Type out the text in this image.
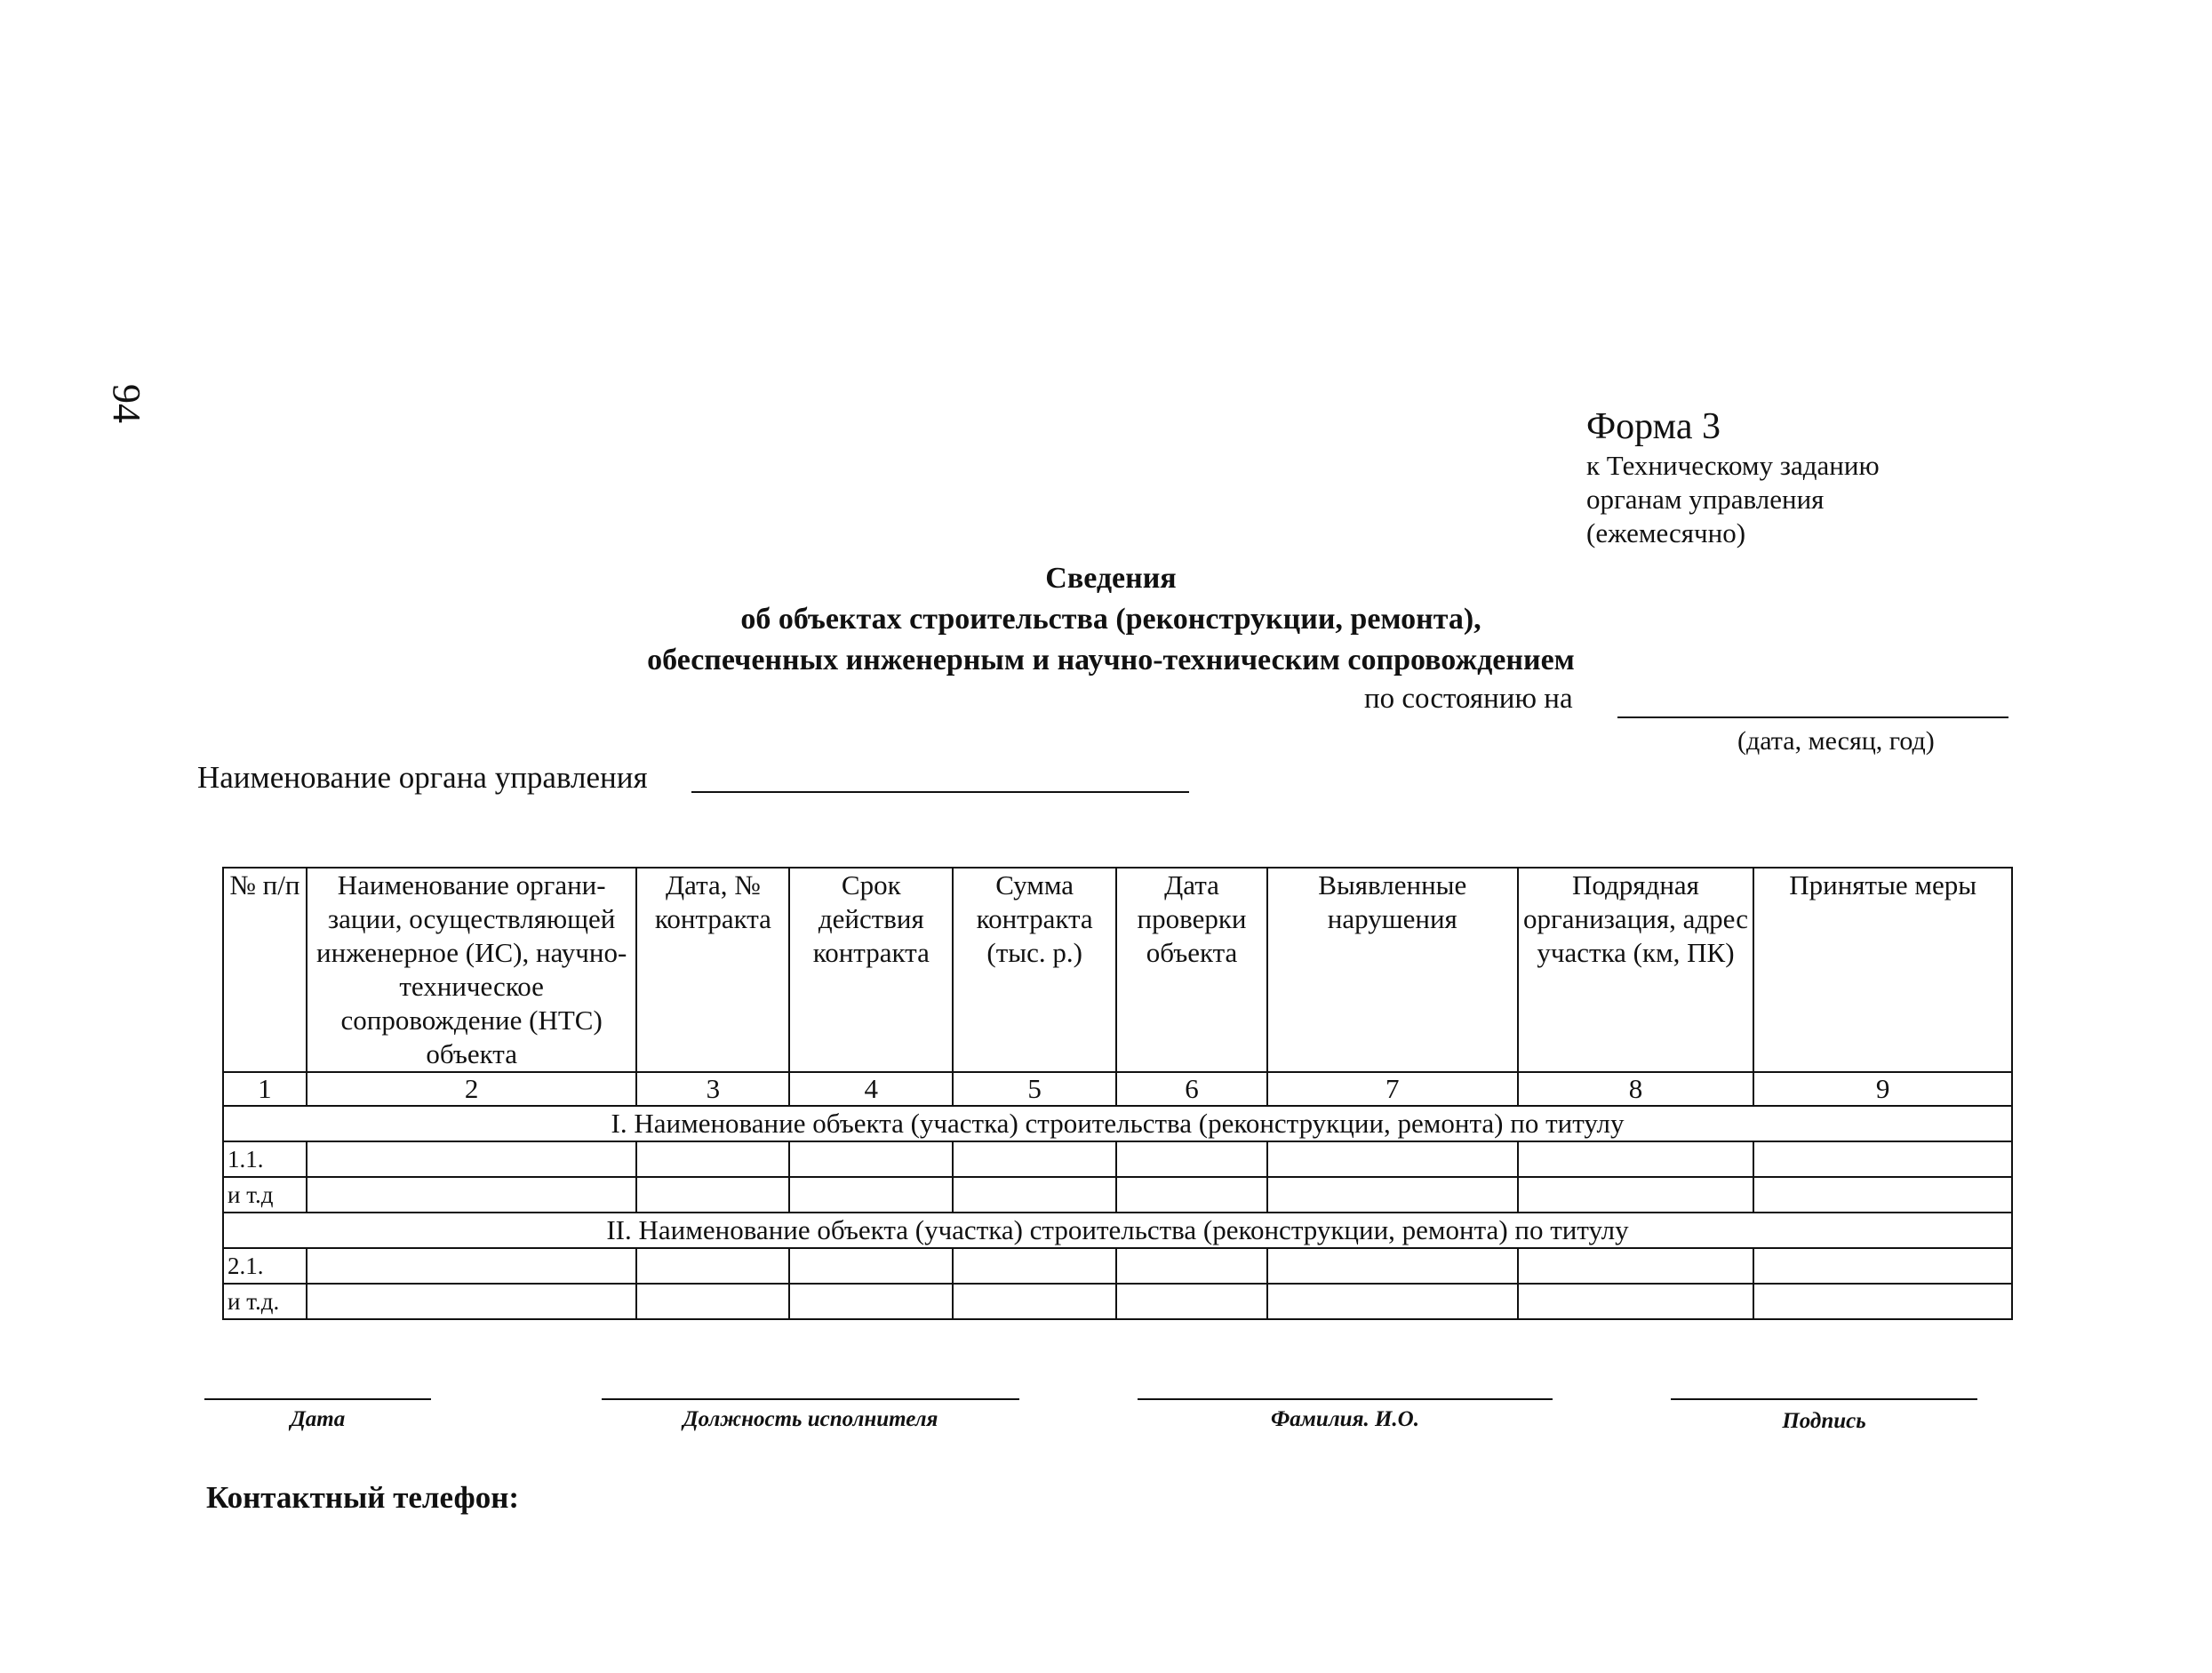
94
Форма 3
к Техническому заданию
органам управления
(ежемесячно)
Сведения
об объектах строительства (реконструкции, ремонта),
обеспеченных инженерным и научно-техническим сопровождением
по состоянию на
(дата, месяц, год)
Наименование органа управления
№ п/п	Наименование органи-зации, осуществляющей инженерное (ИС), научно-техническое сопровождение (НТС) объекта	Дата, № контракта	Срок действия контракта	Сумма контракта (тыс. р.)	Дата проверки объекта	Выявленные нарушения	Подрядная организация, адрес участка (км, ПК)	Принятые меры
1	2	3	4	5	6	7	8	9
I. Наименование объекта (участка) строительства (реконструкции, ремонта) по титулу								
1.1.								
и т.д								
II. Наименование объекта (участка) строительства (реконструкции, ремонта) по титулу								
2.1.								
и т.д.								
Дата	Должность исполнителя	Фамилия. И.О.	Подпись
Контактный телефон:
